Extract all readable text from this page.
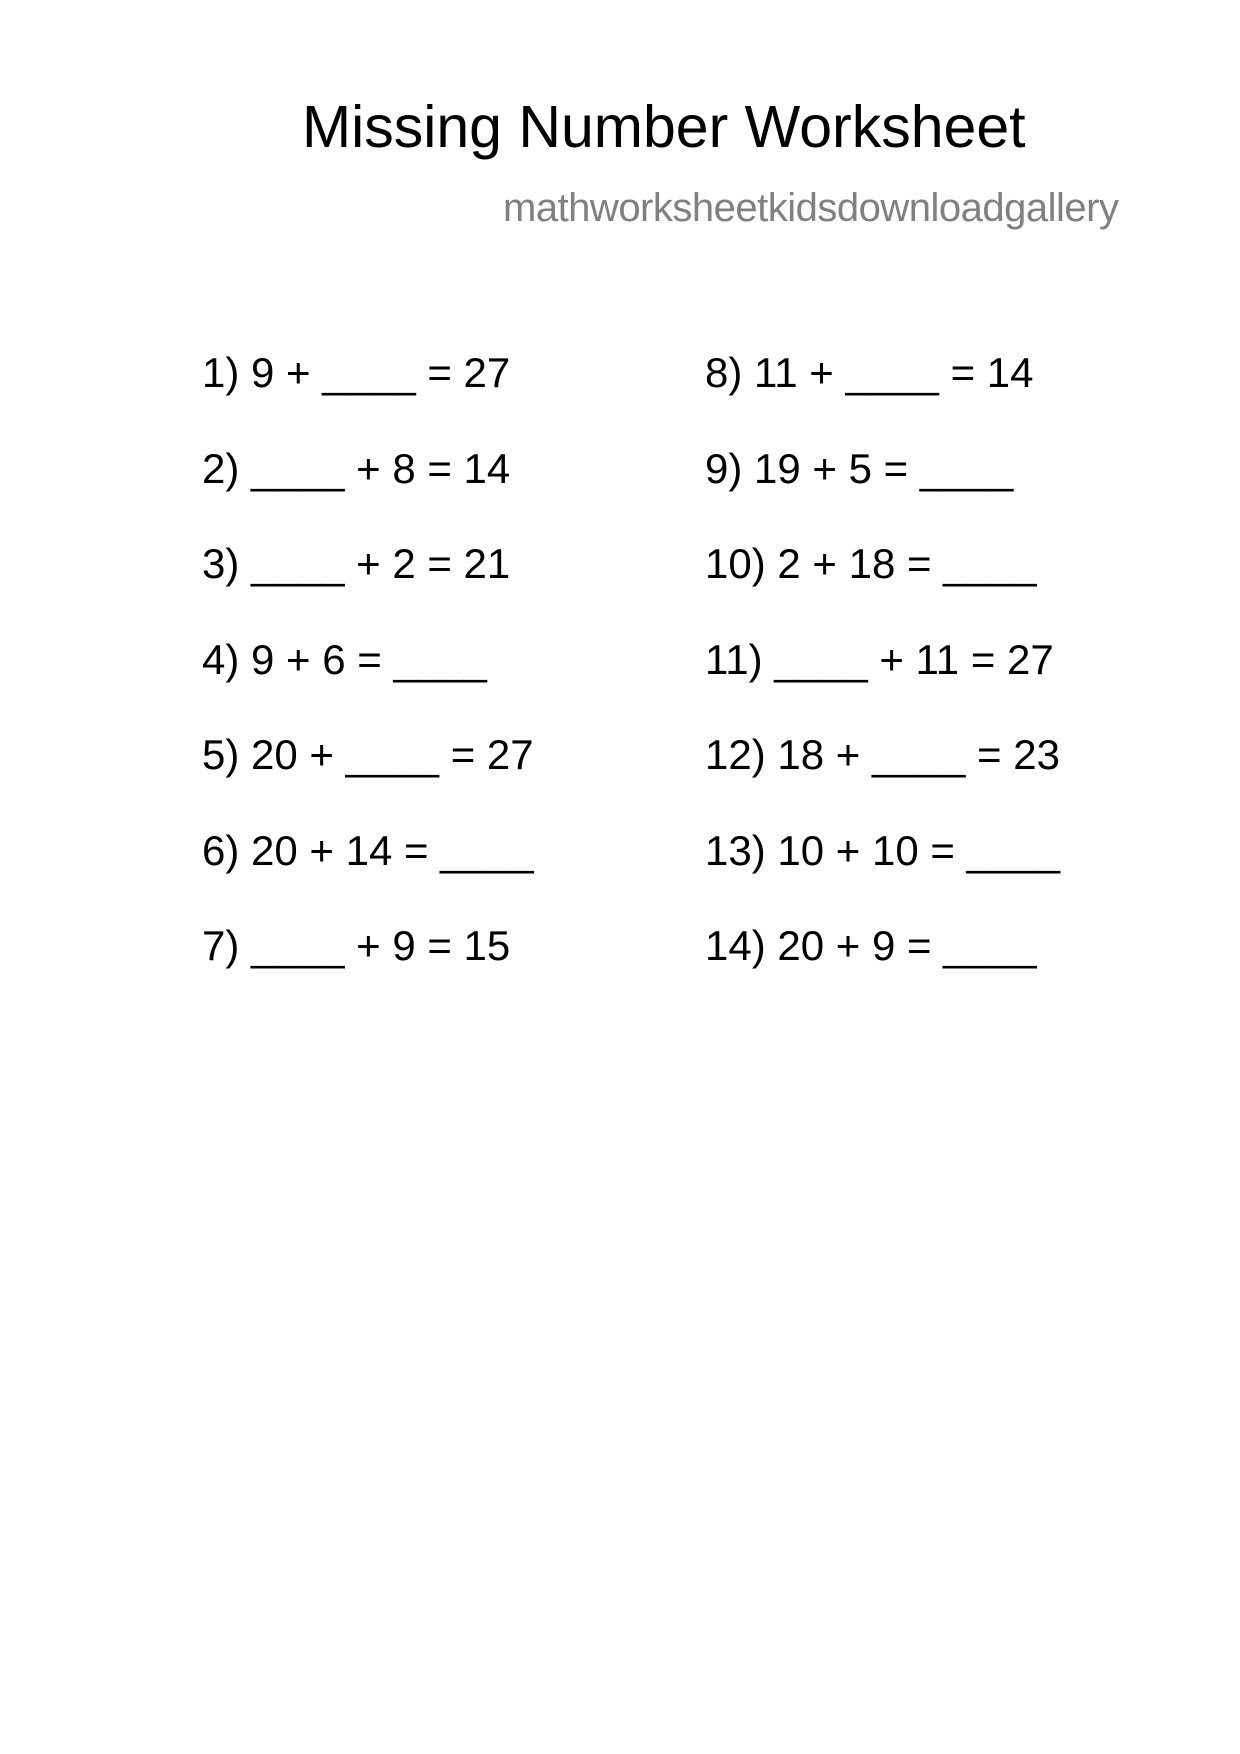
Missing Number Worksheet
mathworksheetkidsdownloadgallery
1) 9 + ____ = 27
2) ____ + 8 = 14
3) ____ + 2 = 21
4) 9 + 6 = ____
5) 20 + ____ = 27
6) 20 + 14 = ____
7) ____ + 9 = 15
8) 11 + ____ = 14
9) 19 + 5 = ____
10) 2 + 18 = ____
11) ____ + 11 = 27
12) 18 + ____ = 23
13) 10 + 10 = ____
14) 20 + 9 = ____
